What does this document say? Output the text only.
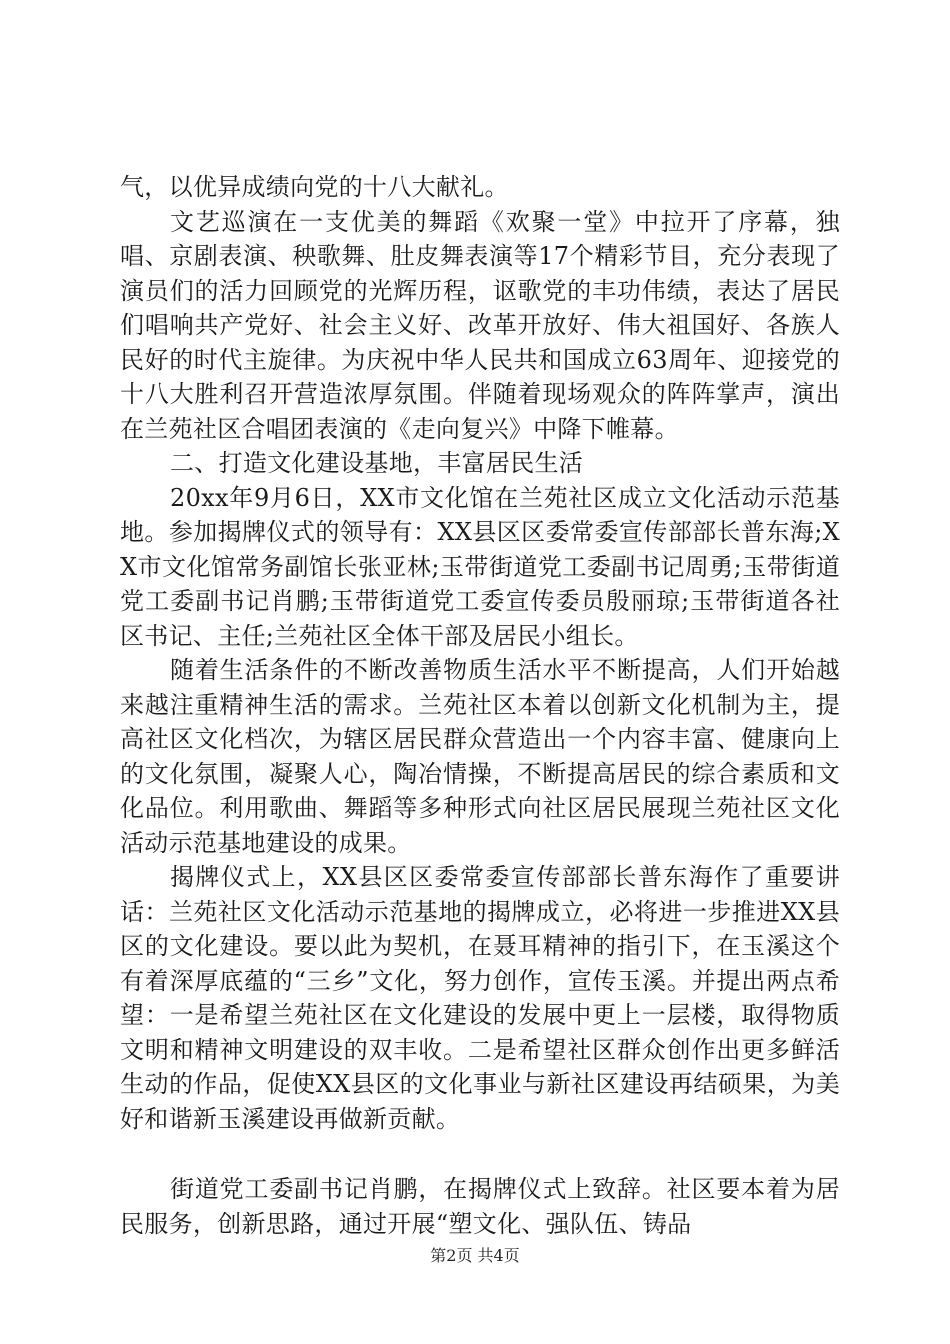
气，以优异成绩向党的十八大献礼。

文艺巡演在一支优美的舞蹈《欢聚一堂》中拉开了序幕，独唱、京剧表演、秧歌舞、肚皮舞表演等17个精彩节目，充分表现了演员们的活力回顾党的光辉历程，讴歌党的丰功伟绩，表达了居民们唱响共产党好、社会主义好、改革开放好、伟大祖国好、各族人民好的时代主旋律。为庆祝中华人民共和国成立63周年、迎接党的十八大胜利召开营造浓厚氛围。伴随着现场观众的阵阵掌声，演出在兰苑社区合唱团表演的《走向复兴》中降下帷幕。

二、打造文化建设基地，丰富居民生活

20xx年9月6日，XX市文化馆在兰苑社区成立文化活动示范基地。参加揭牌仪式的领导有：XX县区区委常委宣传部部长普东海;XX市文化馆常务副馆长张亚林;玉带街道党工委副书记周勇;玉带街道党工委副书记肖鹏;玉带街道党工委宣传委员殷丽琼;玉带街道各社区书记、主任;兰苑社区全体干部及居民小组长。

随着生活条件的不断改善物质生活水平不断提高，人们开始越来越注重精神生活的需求。兰苑社区本着以创新文化机制为主，提高社区文化档次，为辖区居民群众营造出一个内容丰富、健康向上的文化氛围，凝聚人心，陶冶情操，不断提高居民的综合素质和文化品位。利用歌曲、舞蹈等多种形式向社区居民展现兰苑社区文化活动示范基地建设的成果。

揭牌仪式上，XX县区区委常委宣传部部长普东海作了重要讲话：兰苑社区文化活动示范基地的揭牌成立，必将进一步推进XX县区的文化建设。要以此为契机，在聂耳精神的指引下，在玉溪这个有着深厚底蕴的“三乡”文化，努力创作，宣传玉溪。并提出两点希望：一是希望兰苑社区在文化建设的发展中更上一层楼，取得物质文明和精神文明建设的双丰收。二是希望社区群众创作出更多鲜活生动的作品，促使XX县区的文化事业与新社区建设再结硕果，为美好和谐新玉溪建设再做新贡献。

街道党工委副书记肖鹏，在揭牌仪式上致辞。社区要本着为居民服务，创新思路，通过开展“塑文化、强队伍、铸品

第2页 共4页
